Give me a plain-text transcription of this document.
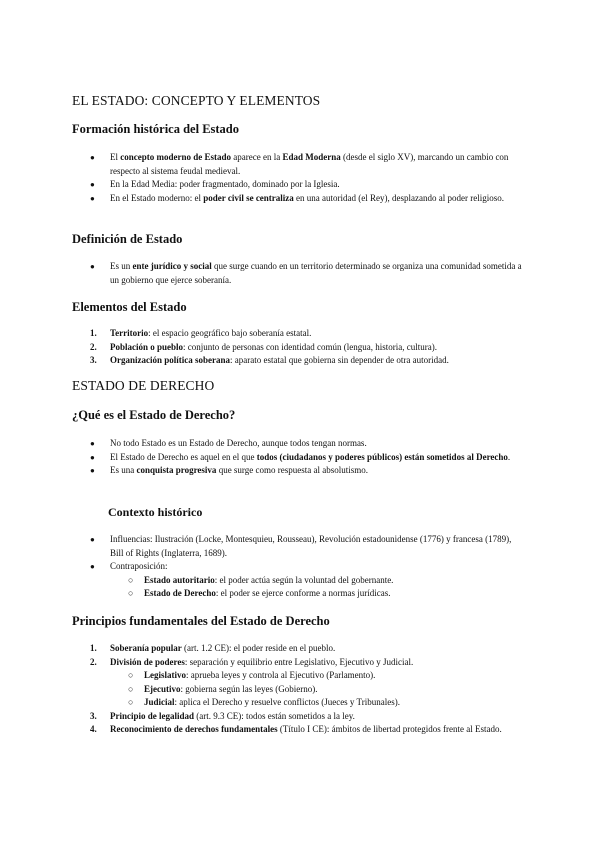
EL ESTADO: CONCEPTO Y ELEMENTOS
Formación histórica del Estado
● El concepto moderno de Estado aparece en la Edad Moderna (desde el siglo XV), marcando un cambio con respecto al sistema feudal medieval.
● En la Edad Media: poder fragmentado, dominado por la Iglesia.
● En el Estado moderno: el poder civil se centraliza en una autoridad (el Rey), desplazando al poder religioso.
Definición de Estado
● Es un ente jurídico y social que surge cuando en un territorio determinado se organiza una comunidad sometida a un gobierno que ejerce soberanía.
Elementos del Estado
1. Territorio: el espacio geográfico bajo soberanía estatal.
2. Población o pueblo: conjunto de personas con identidad común (lengua, historia, cultura).
3. Organización política soberana: aparato estatal que gobierna sin depender de otra autoridad.
ESTADO DE DERECHO
¿Qué es el Estado de Derecho?
● No todo Estado es un Estado de Derecho, aunque todos tengan normas.
● El Estado de Derecho es aquel en el que todos (ciudadanos y poderes públicos) están sometidos al Derecho.
● Es una conquista progresiva que surge como respuesta al absolutismo.
Contexto histórico
● Influencias: Ilustración (Locke, Montesquieu, Rousseau), Revolución estadounidense (1776) y francesa (1789), Bill of Rights (Inglaterra, 1689).
● Contraposición:
○ Estado autoritario: el poder actúa según la voluntad del gobernante.
○ Estado de Derecho: el poder se ejerce conforme a normas jurídicas.
Principios fundamentales del Estado de Derecho
1. Soberanía popular (art. 1.2 CE): el poder reside en el pueblo.
2. División de poderes: separación y equilibrio entre Legislativo, Ejecutivo y Judicial.
○ Legislativo: aprueba leyes y controla al Ejecutivo (Parlamento).
○ Ejecutivo: gobierna según las leyes (Gobierno).
○ Judicial: aplica el Derecho y resuelve conflictos (Jueces y Tribunales).
3. Principio de legalidad (art. 9.3 CE): todos están sometidos a la ley.
4. Reconocimiento de derechos fundamentales (Título I CE): ámbitos de libertad protegidos frente al Estado.
